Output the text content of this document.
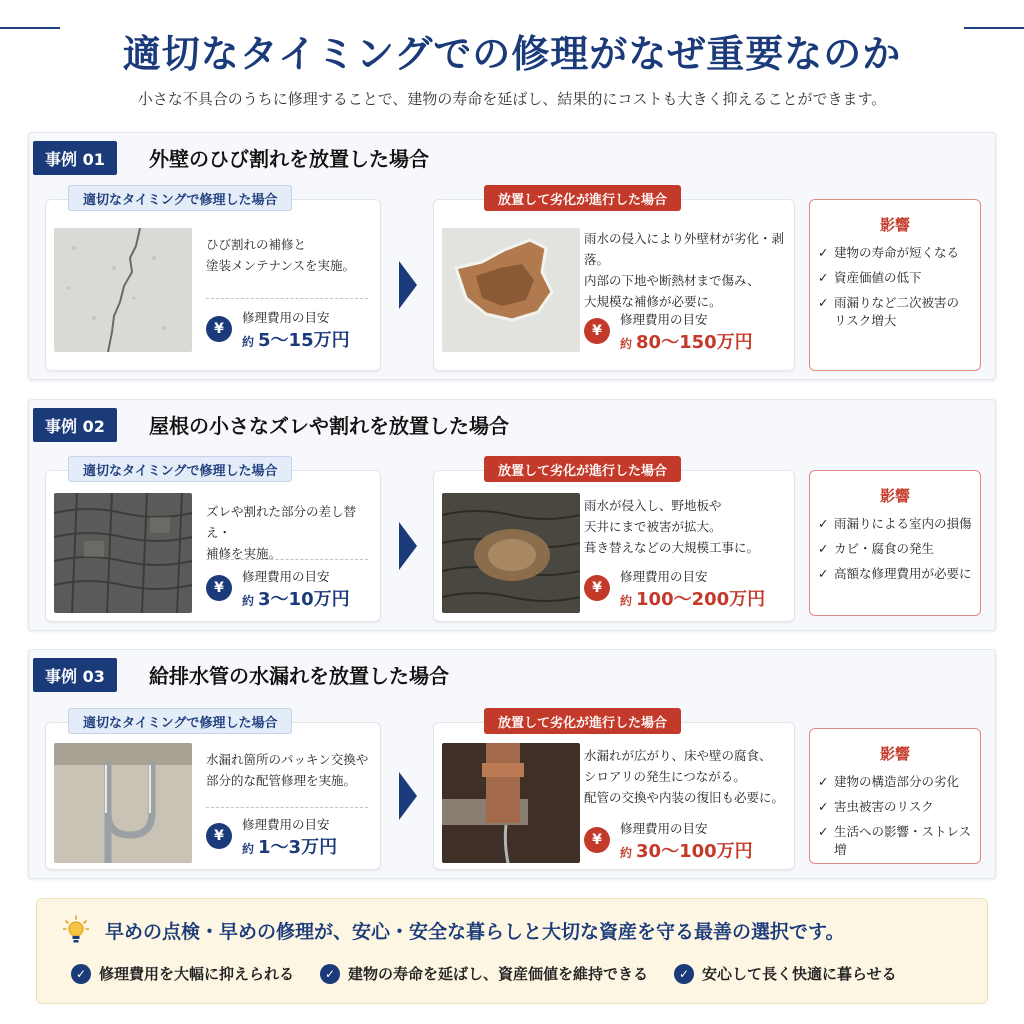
適切なタイミングでの修理がなぜ重要なのか

小さな不具合のうちに修理することで、建物の寿命を延ばし、結果的にコストも大きく抑えることができます。

事例 01	外壁のひび割れを放置した場合
適切なタイミングで修理した場合

ひび割れの補修と
塗装メンテナンスを実施。

¥
修理費用の目安
約 5〜15万円
放置して劣化が進行した場合

雨水の侵入により外壁材が劣化・剥落。
内部の下地や断熱材まで傷み、
大規模な補修が必要に。

¥
修理費用の目安
約 80〜150万円
影響
✓ 建物の寿命が短くなる
✓ 資産価値の低下
✓ 雨漏りなど二次被害の
リスク増大
事例 02	屋根の小さなズレや割れを放置した場合
適切なタイミングで修理した場合

ズレや割れた部分の差し替え・
補修を実施。

¥
修理費用の目安
約 3〜10万円
放置して劣化が進行した場合

雨水が侵入し、野地板や
天井にまで被害が拡大。
葺き替えなどの大規模工事に。

¥
修理費用の目安
約 100〜200万円
影響
✓ 雨漏りによる室内の損傷
✓ カビ・腐食の発生
✓ 高額な修理費用が必要に
事例 03	給排水管の水漏れを放置した場合
適切なタイミングで修理した場合

水漏れ箇所のパッキン交換や
部分的な配管修理を実施。

¥
修理費用の目安
約 1〜3万円
放置して劣化が進行した場合

水漏れが広がり、床や壁の腐食、
シロアリの発生につながる。
配管の交換や内装の復旧も必要に。

¥
修理費用の目安
約 30〜100万円
影響
✓ 建物の構造部分の劣化
✓ 害虫被害のリスク
✓ 生活への影響・ストレス増

早めの点検・早めの修理が、安心・安全な暮らしと大切な資産を守る最善の選択です。

✓ 修理費用を大幅に抑えられる	✓ 建物の寿命を延ばし、資産価値を維持できる	✓ 安心して長く快適に暮らせる
